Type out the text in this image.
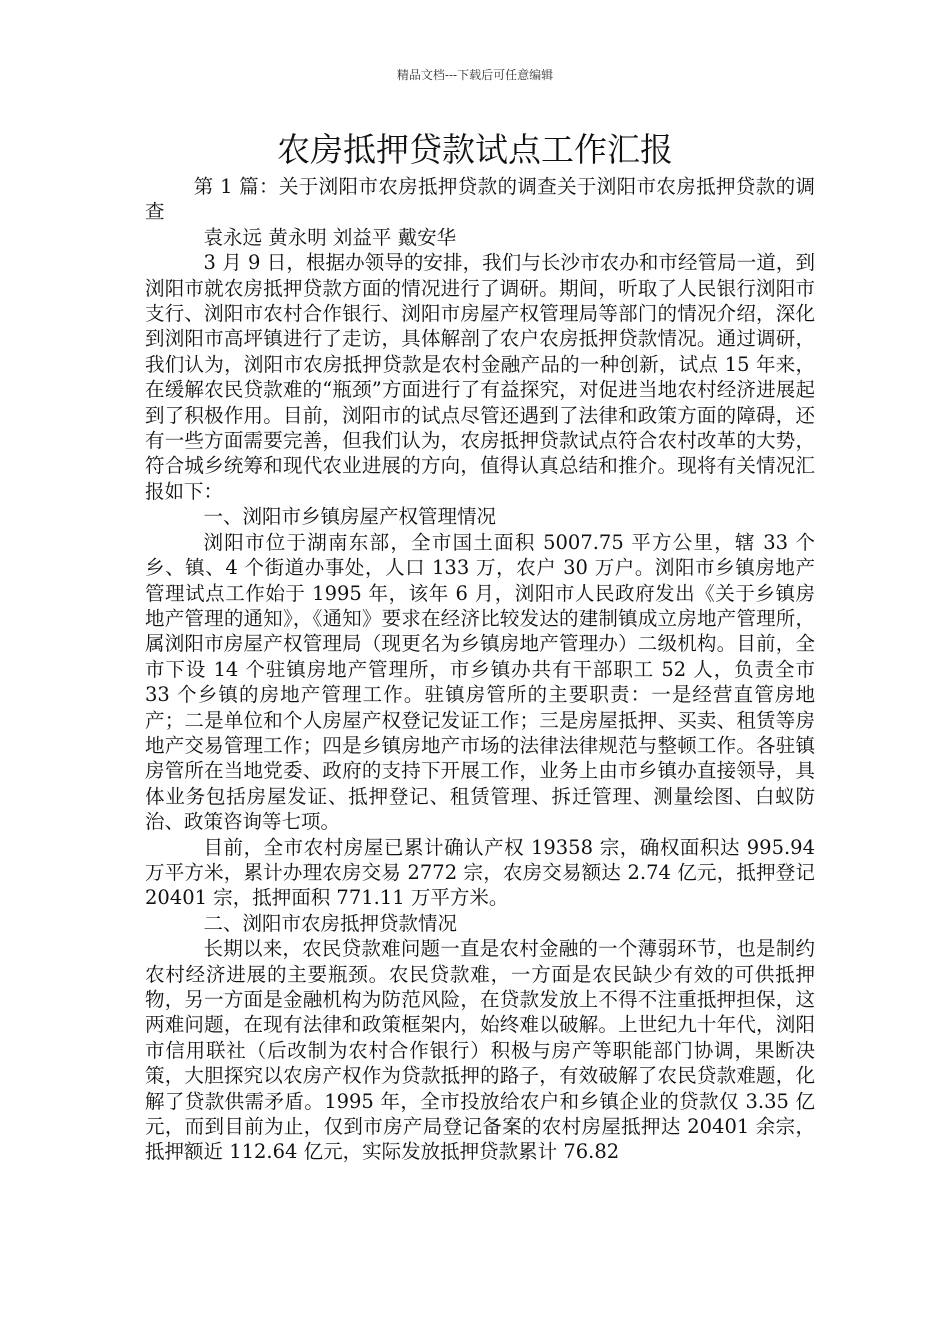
精品文档---下载后可任意编辑
农房抵押贷款试点工作汇报

第 1 篇：关于浏阳市农房抵押贷款的调查关于浏阳市农房抵押贷款的调查

袁永远 黄永明 刘益平 戴安华

3 月 9 日，根据办领导的安排，我们与长沙市农办和市经管局一道，到浏阳市就农房抵押贷款方面的情况进行了调研。期间，听取了人民银行浏阳市支行、浏阳市农村合作银行、浏阳市房屋产权管理局等部门的情况介绍，深化到浏阳市高坪镇进行了走访，具体解剖了农户农房抵押贷款情况。通过调研，我们认为，浏阳市农房抵押贷款是农村金融产品的一种创新，试点 15 年来，在缓解农民贷款难的“瓶颈”方面进行了有益探究，对促进当地农村经济进展起到了积极作用。目前，浏阳市的试点尽管还遇到了法律和政策方面的障碍，还有一些方面需要完善，但我们认为，农房抵押贷款试点符合农村改革的大势，符合城乡统筹和现代农业进展的方向，值得认真总结和推介。现将有关情况汇报如下：

一、浏阳市乡镇房屋产权管理情况

浏阳市位于湖南东部，全市国土面积 5007.75 平方公里，辖 33 个乡、镇、4 个街道办事处，人口 133 万，农户 30 万户。浏阳市乡镇房地产管理试点工作始于 1995 年，该年 6 月，浏阳市人民政府发出《关于乡镇房地产管理的通知》，《通知》要求在经济比较发达的建制镇成立房地产管理所，属浏阳市房屋产权管理局（现更名为乡镇房地产管理办）二级机构。目前，全市下设 14 个驻镇房地产管理所，市乡镇办共有干部职工 52 人，负责全市 33 个乡镇的房地产管理工作。驻镇房管所的主要职责：一是经营直管房地产；二是单位和个人房屋产权登记发证工作；三是房屋抵押、买卖、租赁等房地产交易管理工作；四是乡镇房地产市场的法律法律规范与整顿工作。各驻镇房管所在当地党委、政府的支持下开展工作，业务上由市乡镇办直接领导，具体业务包括房屋发证、抵押登记、租赁管理、拆迁管理、测量绘图、白蚁防治、政策咨询等七项。

目前，全市农村房屋已累计确认产权 19358 宗，确权面积达 995.94 万平方米，累计办理农房交易 2772 宗，农房交易额达 2.74 亿元，抵押登记 20401 宗，抵押面积 771.11 万平方米。

二、浏阳市农房抵押贷款情况

长期以来，农民贷款难问题一直是农村金融的一个薄弱环节，也是制约农村经济进展的主要瓶颈。农民贷款难，一方面是农民缺少有效的可供抵押物，另一方面是金融机构为防范风险，在贷款发放上不得不注重抵押担保，这两难问题，在现有法律和政策框架内，始终难以破解。上世纪九十年代，浏阳市信用联社（后改制为农村合作银行）积极与房产等职能部门协调，果断决策，大胆探究以农房产权作为贷款抵押的路子，有效破解了农民贷款难题，化解了贷款供需矛盾。1995 年，全市投放给农户和乡镇企业的贷款仅 3.35 亿元，而到目前为止，仅到市房产局登记备案的农村房屋抵押达 20401 余宗，抵押额近 112.64 亿元，实际发放抵押贷款累计 76.82
